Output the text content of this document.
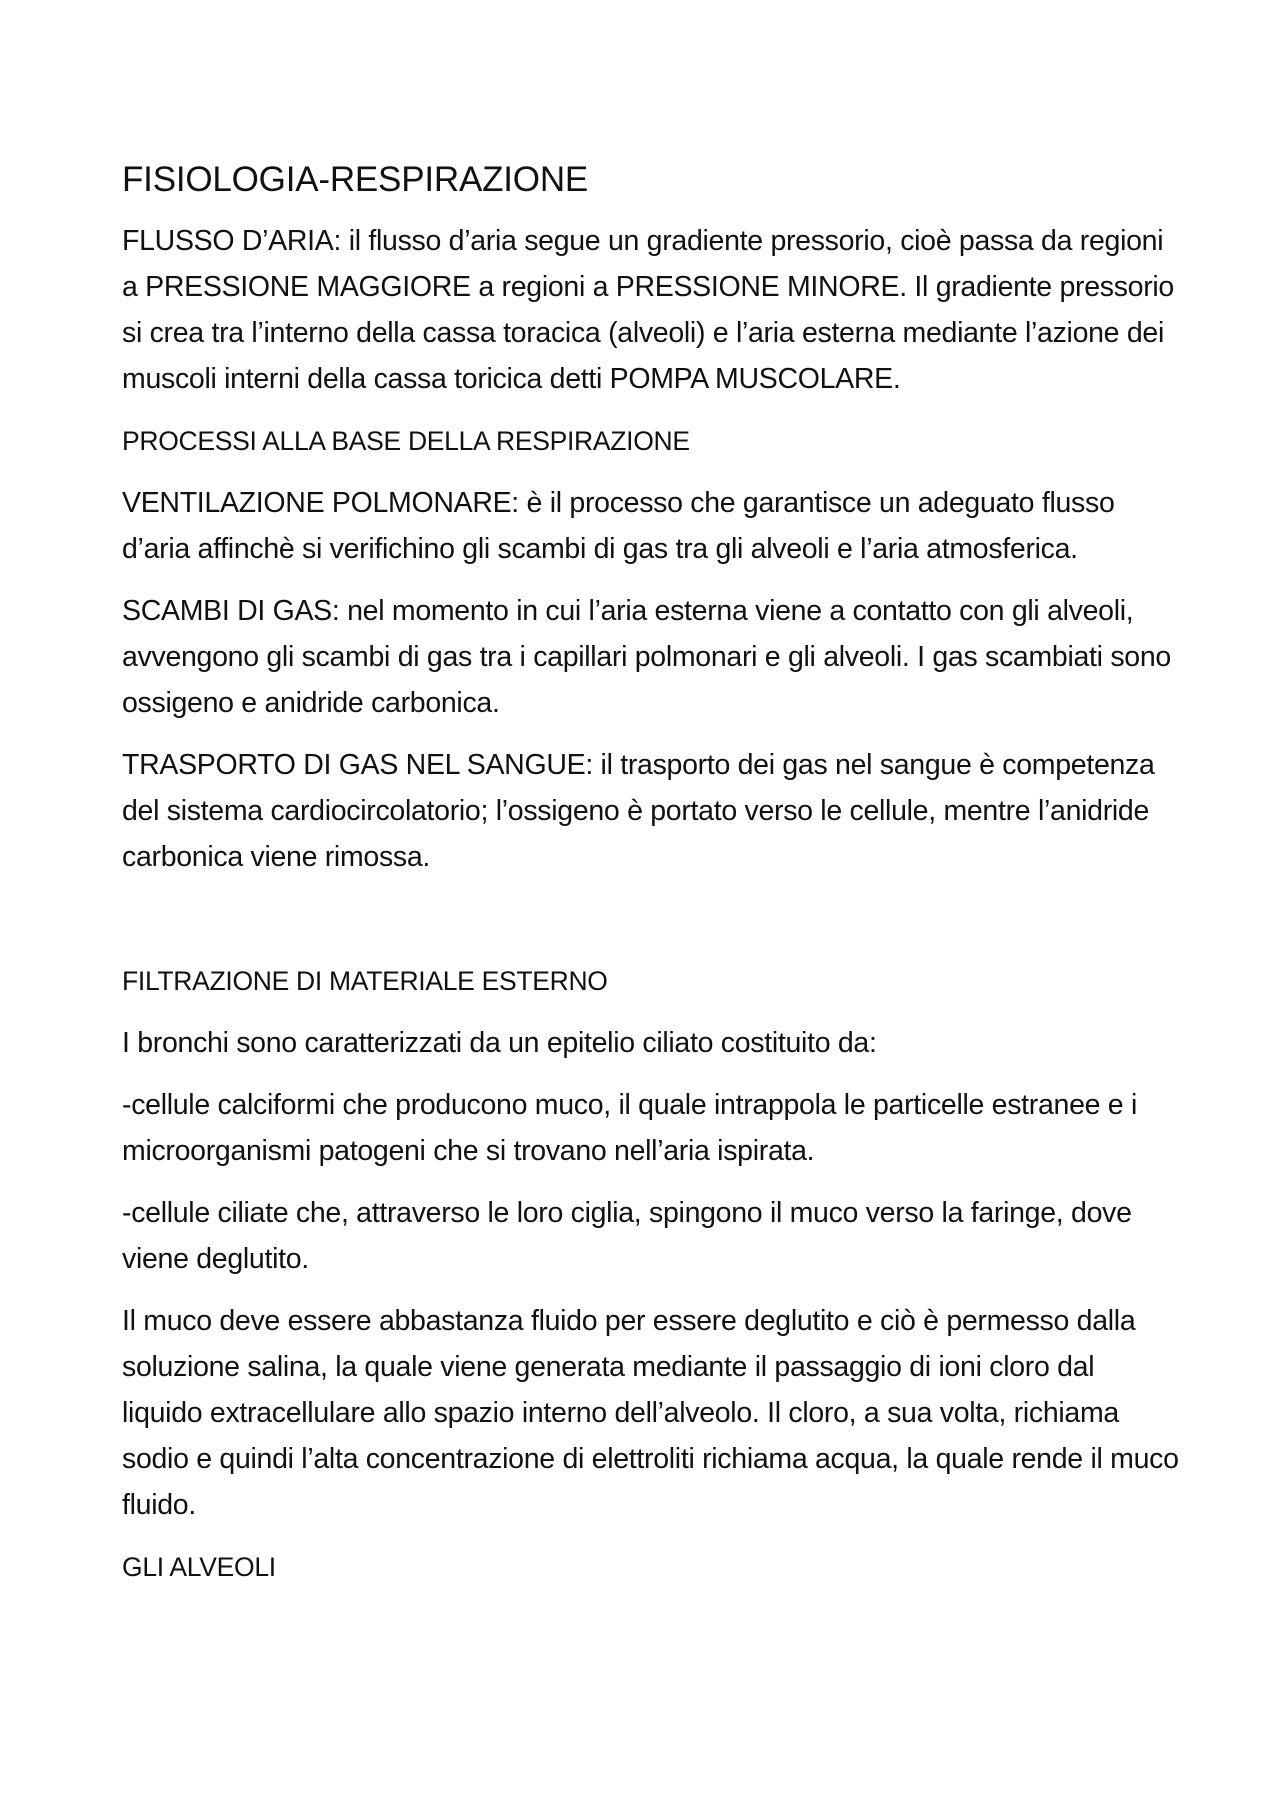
FISIOLOGIA-RESPIRAZIONE

FLUSSO D’ARIA: il flusso d’aria segue un gradiente pressorio, cioè passa da regioni a PRESSIONE MAGGIORE a regioni a PRESSIONE MINORE. Il gradiente pressorio si crea tra l’interno della cassa toracica (alveoli) e l’aria esterna mediante l’azione dei muscoli interni della cassa toricica detti POMPA MUSCOLARE.

PROCESSI ALLA BASE DELLA RESPIRAZIONE

VENTILAZIONE POLMONARE: è il processo che garantisce un adeguato flusso d’aria affinchè si verifichino gli scambi di gas tra gli alveoli e l’aria atmosferica.

SCAMBI DI GAS: nel momento in cui l’aria esterna viene a contatto con gli alveoli, avvengono gli scambi di gas tra i capillari polmonari e gli alveoli. I gas scambiati sono ossigeno e anidride carbonica.

TRASPORTO DI GAS NEL SANGUE: il trasporto dei gas nel sangue è competenza del sistema cardiocircolatorio; l’ossigeno è portato verso le cellule, mentre l’anidride carbonica viene rimossa.

FILTRAZIONE DI MATERIALE ESTERNO

I bronchi sono caratterizzati da un epitelio ciliato costituito da:

-cellule calciformi che producono muco, il quale intrappola le particelle estranee e i microorganismi patogeni che si trovano nell’aria ispirata.

-cellule ciliate che, attraverso le loro ciglia, spingono il muco verso la faringe, dove viene deglutito.

Il muco deve essere abbastanza fluido per essere deglutito e ciò è permesso dalla soluzione salina, la quale viene generata mediante il passaggio di ioni cloro dal liquido extracellulare allo spazio interno dell’alveolo. Il cloro, a sua volta, richiama sodio e quindi l’alta concentrazione di elettroliti richiama acqua, la quale rende il muco fluido.

GLI ALVEOLI
